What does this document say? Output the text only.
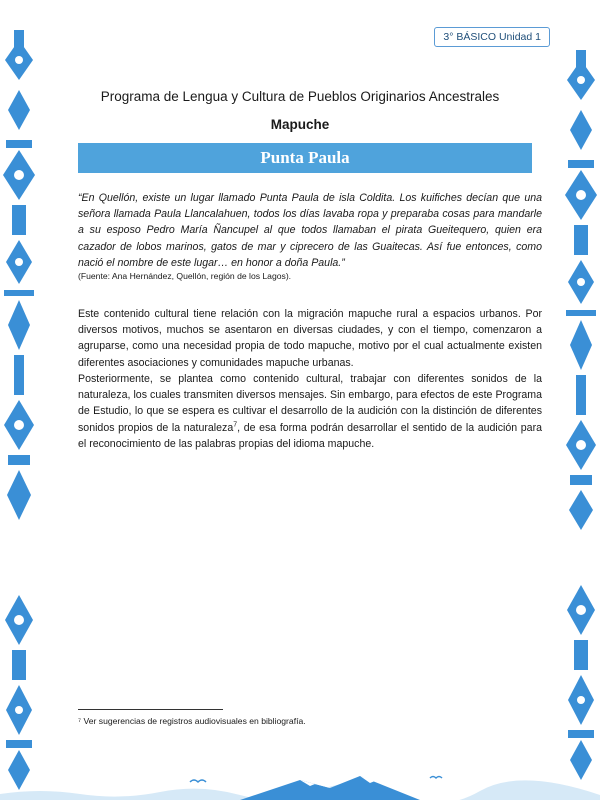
3° BÁSICO Unidad 1
Programa de Lengua y Cultura de Pueblos Originarios Ancestrales
Mapuche
Punta Paula
“En Quellón, existe un lugar llamado Punta Paula de isla Coldita. Los kuifiches decían que una señora llamada Paula Llancalahuen, todos los días lavaba ropa y preparaba cosas para mandarle a su esposo Pedro María Ñancupel al que todos llamaban el pirata Gueitequero, quien era cazador de lobos marinos, gatos de mar y ciprecero de las Guaitecas. Así fue entonces, como nació el nombre de este lugar… en honor a doña Paula.”
(Fuente: Ana Hernández, Quellón, región de los Lagos).
Este contenido cultural tiene relación con la migración mapuche rural a espacios urbanos. Por diversos motivos, muchos se asentaron en diversas ciudades, y con el tiempo, comenzaron a agruparse, como una necesidad propia de todo mapuche, motivo por el cual actualmente existen diferentes asociaciones y comunidades mapuche urbanas.
Posteriormente, se plantea como contenido cultural, trabajar con diferentes sonidos de la naturaleza, los cuales transmiten diversos mensajes. Sin embargo, para efectos de este Programa de Estudio, lo que se espera es cultivar el desarrollo de la audición con la distinción de diferentes sonidos propios de la naturaleza$^7$, de esa forma podrán desarrollar el sentido de la audición para el reconocimiento de las palabras propias del idioma mapuche.
⁷ Ver sugerencias de registros audiovisuales en bibliografía.
